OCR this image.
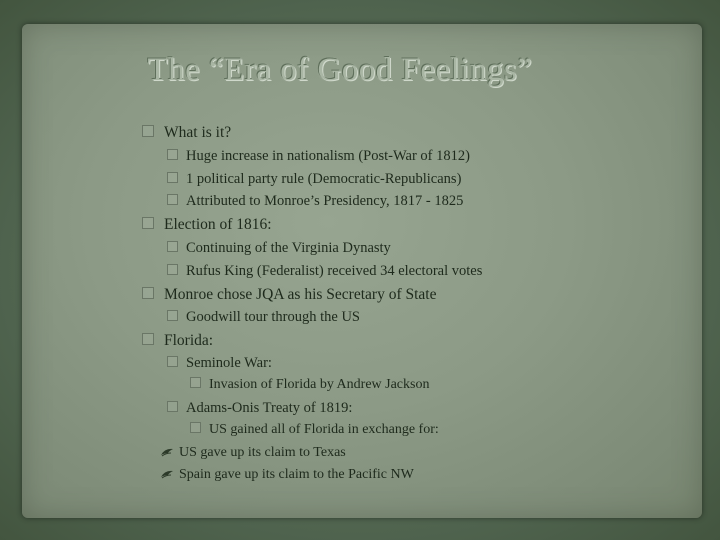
The “Era of Good Feelings”
What is it?
Huge increase in nationalism (Post-War of 1812)
1 political party rule (Democratic-Republicans)
Attributed to Monroe’s Presidency, 1817 - 1825
Election of 1816:
Continuing of the Virginia Dynasty
Rufus King (Federalist) received 34 electoral votes
Monroe chose JQA as his Secretary of State
Goodwill tour through the US
Florida:
Seminole War:
Invasion of Florida by Andrew Jackson
Adams-Onis Treaty of 1819:
US gained all of Florida in exchange for:
US gave up its claim to Texas
Spain gave up its claim to the Pacific NW
